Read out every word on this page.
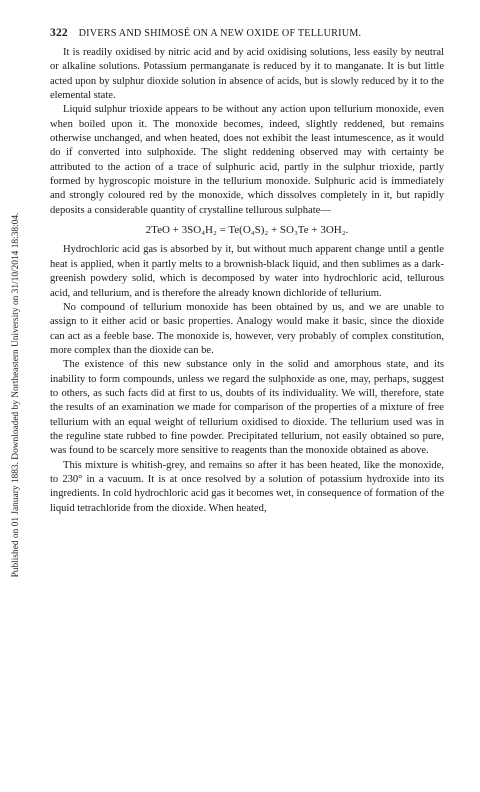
322 DIVERS AND SHIMOSÉ ON A NEW OXIDE OF TELLURIUM.
Published on 01 January 1883. Downloaded by Northeastern University on 31/10/2014 18:38:04.

It is readily oxidised by nitric acid and by acid oxidising solutions, less easily by neutral or alkaline solutions. Potassium permanganate is reduced by it to manganate. It is but little acted upon by sulphur dioxide solution in absence of acids, but is slowly reduced by it to the elemental state.

Liquid sulphur trioxide appears to be without any action upon tellurium monoxide, even when boiled upon it. The monoxide becomes, indeed, slightly reddened, but remains otherwise unchanged, and when heated, does not exhibit the least intumescence, as it would do if converted into sulphoxide. The slight reddening observed may with certainty be attributed to the action of a trace of sulphuric acid, partly in the sulphur trioxide, partly formed by hygroscopic moisture in the tellurium monoxide. Sulphuric acid is immediately and strongly coloured red by the monoxide, which dissolves completely in it, but rapidly deposits a considerable quantity of crystalline tellurous sulphate—

2TeO + 3SO₄H₂ = Te(O₄S)₂ + SO₃Te + 3OH₂.

Hydrochloric acid gas is absorbed by it, but without much apparent change until a gentle heat is applied, when it partly melts to a brownish-black liquid, and then sublimes as a dark-greenish powdery solid, which is decomposed by water into hydrochloric acid, tellurous acid, and tellurium, and is therefore the already known dichloride of tellurium.

No compound of tellurium monoxide has been obtained by us, and we are unable to assign to it either acid or basic properties. Analogy would make it basic, since the dioxide can act as a feeble base. The monoxide is, however, very probably of complex constitution, more complex than the dioxide can be.

The existence of this new substance only in the solid and amorphous state, and its inability to form compounds, unless we regard the sulphoxide as one, may, perhaps, suggest to others, as such facts did at first to us, doubts of its individuality. We will, therefore, state the results of an examination we made for comparison of the properties of a mixture of free tellurium with an equal weight of tellurium oxidised to dioxide. The tellurium used was in the reguline state rubbed to fine powder. Precipitated tellurium, not easily obtained so pure, was found to be scarcely more sensitive to reagents than the monoxide obtained as above.

This mixture is whitish-grey, and remains so after it has been heated, like the monoxide, to 230° in a vacuum. It is at once resolved by a solution of potassium hydroxide into its ingredients. In cold hydrochloric acid gas it becomes wet, in consequence of formation of the liquid tetrachloride from the dioxide. When heated,
